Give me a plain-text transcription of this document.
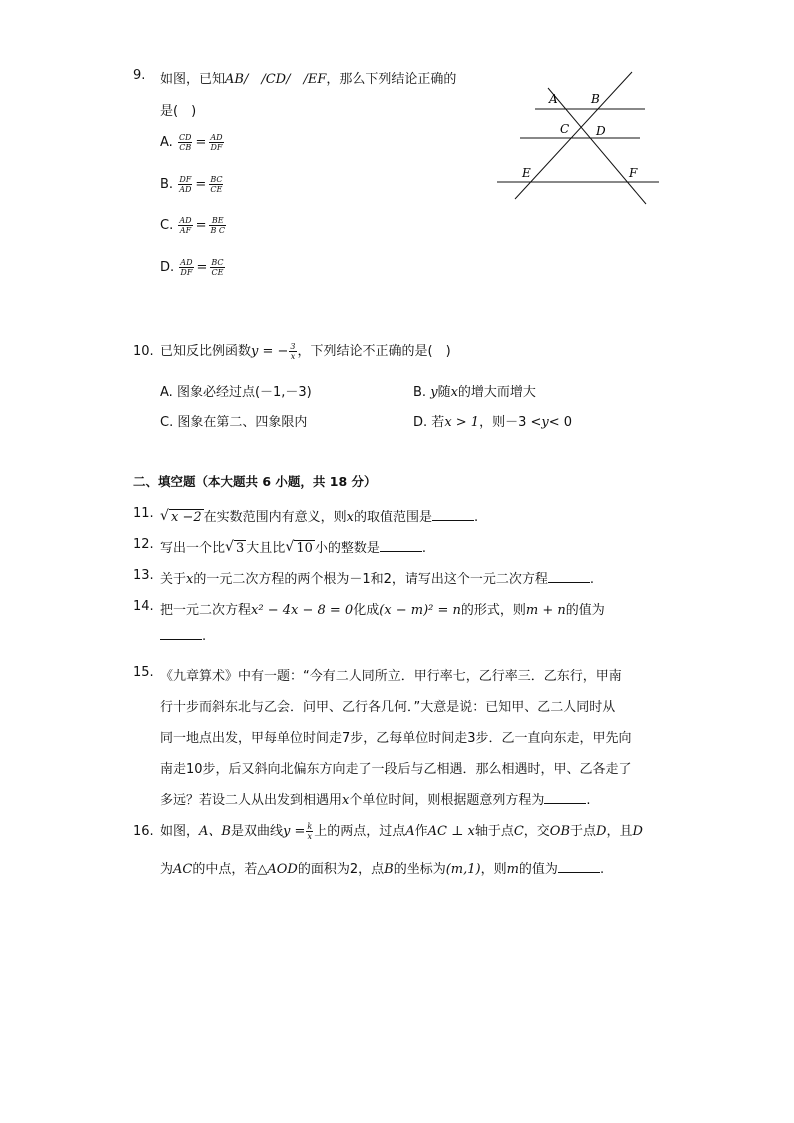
9. 如图，已知AB/　/CD/　/EF，那么下列结论正确的
是(　)
A. $\frac{CD}{CB} = \frac{AD}{DF}$
B. $\frac{DF}{AD} = \frac{BC}{CE}$
C. $\frac{AD}{AF} = \frac{BE}{\text{B C}}$
D. $\frac{AD}{DF} = \frac{BC}{CE}$
A	B
C D
E	F
10. 已知反比例函数y = − $\frac{3}{x}$ ，下列结论不正确的是(　)
A. 图象必经过点(－1,－3)	B. y随x的增大而增大
C. 图象在第二、四象限内	D. 若x > 1，则－3 <y< 0
二、填空题（本大题共 6 小题，共 18 分）
11. √ x −2 在实数范围内有意义，则x的取值范围是	.
12. 写出一个比 √ 3 大且比 √ 10 小的整数是	.
13. 关于x的一元二次方程的两个根为－1和2，请写出这个一元二次方程	.
14. 把一元二次方程x² − 4x − 8 = 0化成(x − m)² = n的形式，则m + n的值为
.
15. 《九章算术》中有一题：“今有二人同所立．甲行率七，乙行率三．乙东行，甲南
行十步而斜东北与乙会．问甲、乙行各几何．”大意是说：已知甲、乙二人同时从
同一地点出发，甲每单位时间走7步，乙每单位时间走3步．乙一直向东走，甲先向
南走10步，后又斜向北偏东方向走了一段后与乙相遇．那么相遇时，甲、乙各走了
多远？若设二人从出发到相遇用x个单位时间，则根据题意列方程为	.
16. 如图，A、B是双曲线$y = \frac{k}{x}$ 上的两点，过点A作AC ⊥ x轴于点C，交OB于点D，且D
为AC的中点，若△AOD的面积为2，点B的坐标为(m,1)，则m的值为	.
